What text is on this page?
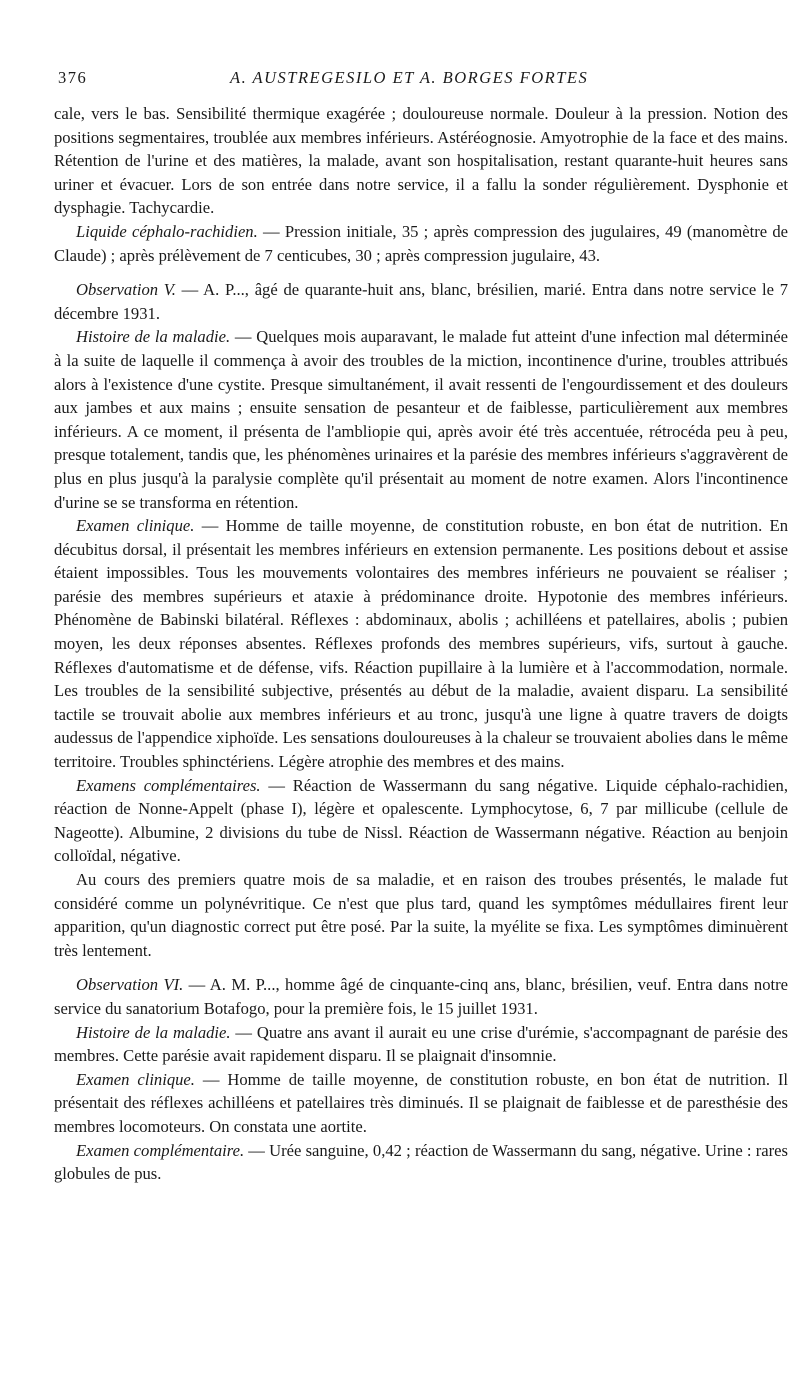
376	A. AUSTREGESILO ET A. BORGES FORTES

cale, vers le bas. Sensibilité thermique exagérée ; douloureuse normale. Douleur à la pression. Notion des positions segmentaires, troublée aux membres inférieurs. Astéréognosie. Amyotrophie de la face et des mains. Rétention de l'urine et des matières, la malade, avant son hospitalisation, restant quarante-huit heures sans uriner et évacuer. Lors de son entrée dans notre service, il a fallu la sonder régulièrement. Dysphonie et dysphagie. Tachycardie.

Liquide céphalo-rachidien. — Pression initiale, 35 ; après compression des jugulaires, 49 (manomètre de Claude) ; après prélèvement de 7 centicubes, 30 ; après compression jugulaire, 43.

Observation V. — A. P..., âgé de quarante-huit ans, blanc, brésilien, marié. Entra dans notre service le 7 décembre 1931.

Histoire de la maladie. — Quelques mois auparavant, le malade fut atteint d'une infection mal déterminée à la suite de laquelle il commença à avoir des troubles de la miction, incontinence d'urine, troubles attribués alors à l'existence d'une cystite. Presque simultanément, il avait ressenti de l'engourdissement et des douleurs aux jambes et aux mains ; ensuite sensation de pesanteur et de faiblesse, particulièrement aux membres inférieurs. A ce moment, il présenta de l'ambliopie qui, après avoir été très accentuée, rétrocéda peu à peu, presque totalement, tandis que, les phénomènes urinaires et la parésie des membres inférieurs s'aggravèrent de plus en plus jusqu'à la paralysie complète qu'il présentait au moment de notre examen. Alors l'incontinence d'urine se se transforma en rétention.

Examen clinique. — Homme de taille moyenne, de constitution robuste, en bon état de nutrition. En décubitus dorsal, il présentait les membres inférieurs en extension permanente. Les positions debout et assise étaient impossibles. Tous les mouvements volontaires des membres inférieurs ne pouvaient se réaliser ; parésie des membres supérieurs et ataxie à prédominance droite. Hypotonie des membres inférieurs. Phénomène de Babinski bilatéral. Réflexes : abdominaux, abolis ; achilléens et patellaires, abolis ; pubien moyen, les deux réponses absentes. Réflexes profonds des membres supérieurs, vifs, surtout à gauche. Réflexes d'automatisme et de défense, vifs. Réaction pupillaire à la lumière et à l'accommodation, normale. Les troubles de la sensibilité subjective, présentés au début de la maladie, avaient disparu. La sensibilité tactile se trouvait abolie aux membres inférieurs et au tronc, jusqu'à une ligne à quatre travers de doigts audessus de l'appendice xiphoïde. Les sensations douloureuses à la chaleur se trouvaient abolies dans le même territoire. Troubles sphinctériens. Légère atrophie des membres et des mains.

Examens complémentaires. — Réaction de Wassermann du sang négative. Liquide céphalo-rachidien, réaction de Nonne-Appelt (phase I), légère et opalescente. Lymphocytose, 6, 7 par millicube (cellule de Nageotte). Albumine, 2 divisions du tube de Nissl. Réaction de Wassermann négative. Réaction au benjoin colloïdal, négative.

Au cours des premiers quatre mois de sa maladie, et en raison des troubes présentés, le malade fut considéré comme un polynévritique. Ce n'est que plus tard, quand les symptômes médullaires firent leur apparition, qu'un diagnostic correct put être posé. Par la suite, la myélite se fixa. Les symptômes diminuèrent très lentement.

Observation VI. — A. M. P..., homme âgé de cinquante-cinq ans, blanc, brésilien, veuf. Entra dans notre service du sanatorium Botafogo, pour la première fois, le 15 juillet 1931.

Histoire de la maladie. — Quatre ans avant il aurait eu une crise d'urémie, s'accompagnant de parésie des membres. Cette parésie avait rapidement disparu. Il se plaignait d'insomnie.

Examen clinique. — Homme de taille moyenne, de constitution robuste, en bon état de nutrition. Il présentait des réflexes achilléens et patellaires très diminués. Il se plaignait de faiblesse et de paresthésie des membres locomoteurs. On constata une aortite.

Examen complémentaire. — Urée sanguine, 0,42 ; réaction de Wassermann du sang, négative. Urine : rares globules de pus.
